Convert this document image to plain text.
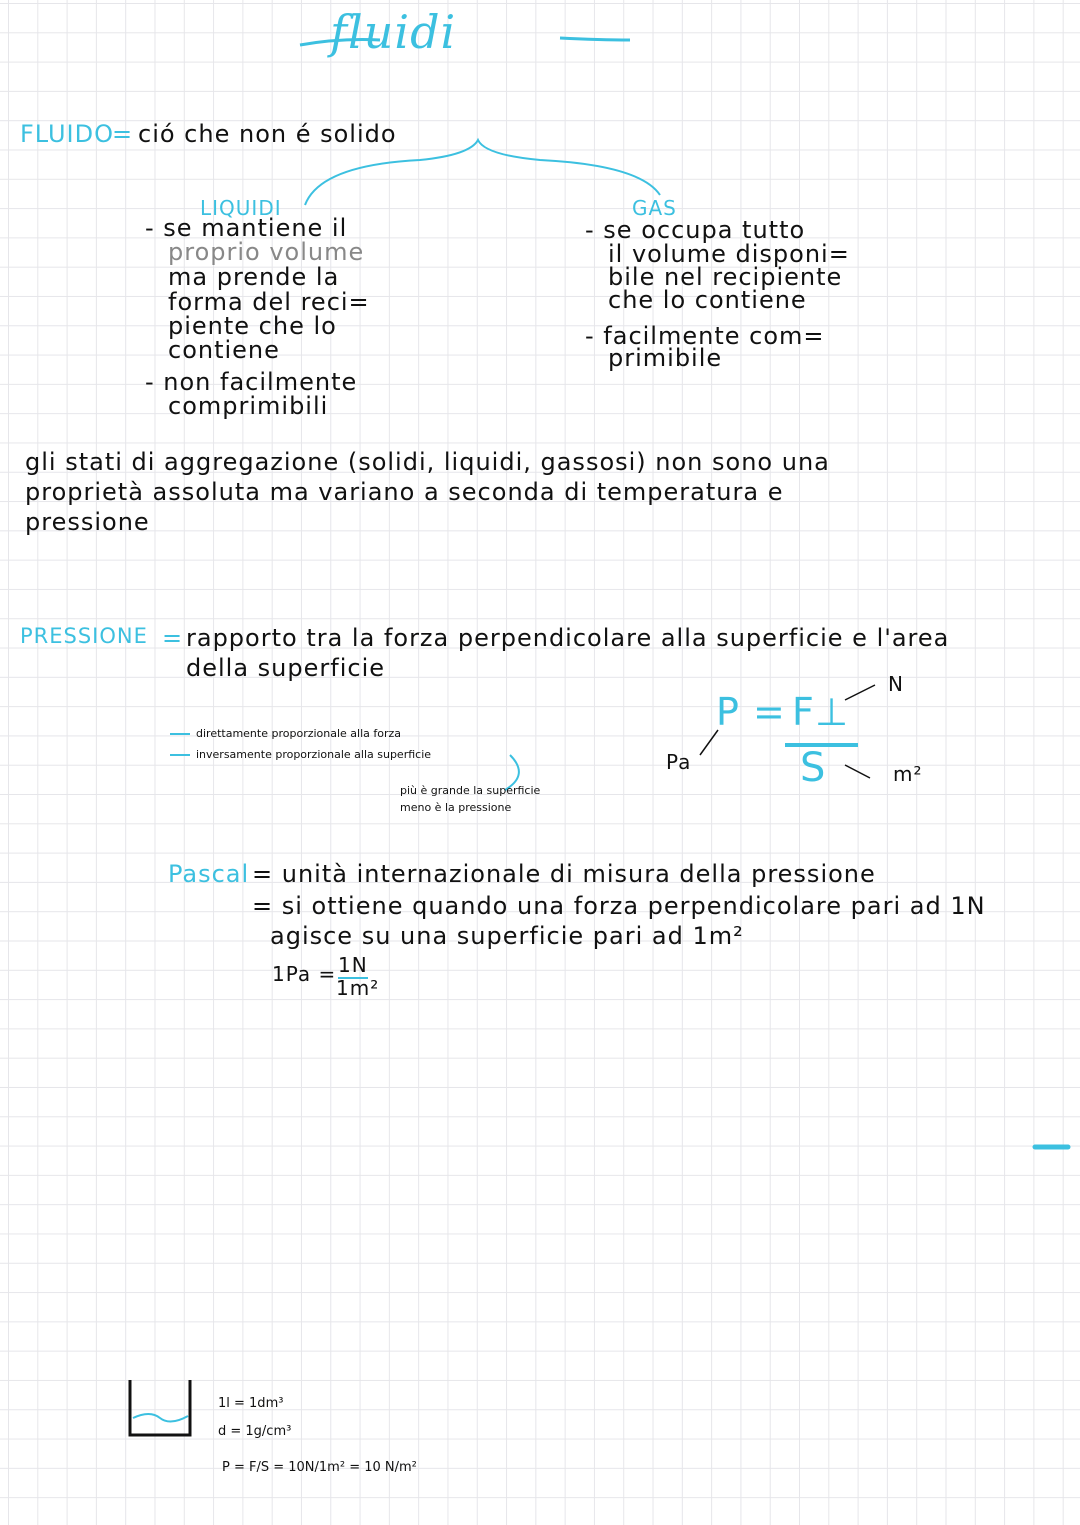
fluidi
FLUIDO
= ció che non é solido
LIQUIDI
- se mantiene il
proprio volume
ma prende la
forma del reci=
piente che lo
contiene
- non facilmente
comprimibili
GAS
- se occupa tutto
il volume disponi=
bile nel recipiente
che lo contiene
- facilmente com=
primibile
gli stati di aggregazione (solidi, liquidi, gassosi) non sono una
proprietà assoluta ma variano a seconda di temperatura e
pressione
PRESSIONE = rapporto tra la forza perpendicolare alla superficie e l'area
della superficie
direttamente proporzionale alla forza
inversamente proporzionale alla superficie
più è grande la superficie
meno è la pressione
P = F⊥
S
Pa
N
m²
Pascal = unità internazionale di misura della pressione
= si ottiene quando una forza perpendicolare pari ad 1N
agisce su una superficie pari ad 1m²
1Pa = 1N
1m²
1l = 1dm³
d = 1g/cm³
P = F/S = 10N/1m² = 10 N/m²
